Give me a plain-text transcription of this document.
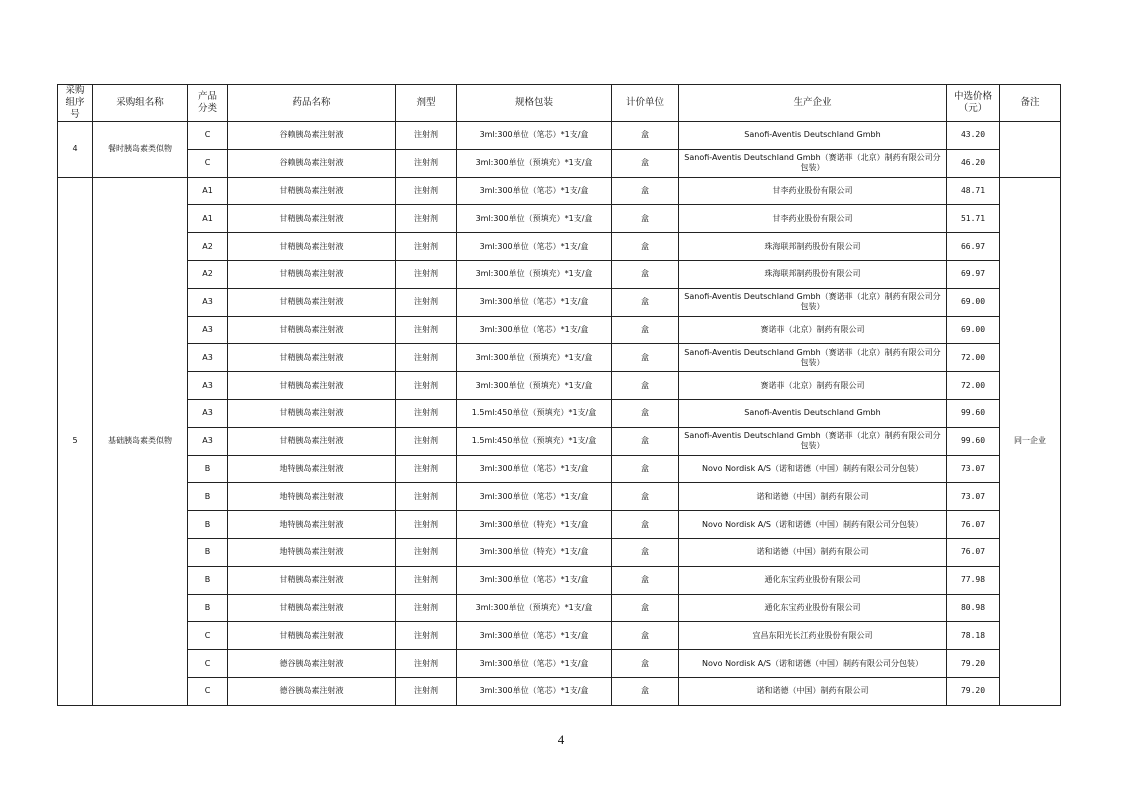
采购组序号	采购组名称	产品分类	药品名称	剂型	规格包装	计价单位	生产企业	中选价格（元）	备注
4	餐时胰岛素类似物	C	谷赖胰岛素注射液	注射剂	3ml:300单位（笔芯）*1支/盒	盒	Sanofi-Aventis Deutschland Gmbh	43.20	
		C	谷赖胰岛素注射液	注射剂	3ml:300单位（预填充）*1支/盒	盒	Sanofi-Aventis Deutschland Gmbh（赛诺菲（北京）制药有限公司分包装）	46.20	
5	基础胰岛素类似物	A1	甘精胰岛素注射液	注射剂	3ml:300单位（笔芯）*1支/盒	盒	甘李药业股份有限公司	48.71	同一企业
		A1	甘精胰岛素注射液	注射剂	3ml:300单位（预填充）*1支/盒	盒	甘李药业股份有限公司	51.71	
		A2	甘精胰岛素注射液	注射剂	3ml:300单位（笔芯）*1支/盒	盒	珠海联邦制药股份有限公司	66.97	
		A2	甘精胰岛素注射液	注射剂	3ml:300单位（预填充）*1支/盒	盒	珠海联邦制药股份有限公司	69.97	
		A3	甘精胰岛素注射液	注射剂	3ml:300单位（笔芯）*1支/盒	盒	Sanofi-Aventis Deutschland Gmbh（赛诺菲（北京）制药有限公司分包装）	69.00	
		A3	甘精胰岛素注射液	注射剂	3ml:300单位（笔芯）*1支/盒	盒	赛诺菲（北京）制药有限公司	69.00	
		A3	甘精胰岛素注射液	注射剂	3ml:300单位（预填充）*1支/盒	盒	Sanofi-Aventis Deutschland Gmbh（赛诺菲（北京）制药有限公司分包装）	72.00	
		A3	甘精胰岛素注射液	注射剂	3ml:300单位（预填充）*1支/盒	盒	赛诺菲（北京）制药有限公司	72.00	
		A3	甘精胰岛素注射液	注射剂	1.5ml:450单位（预填充）*1支/盒	盒	Sanofi-Aventis Deutschland Gmbh	99.60	
		A3	甘精胰岛素注射液	注射剂	1.5ml:450单位（预填充）*1支/盒	盒	Sanofi-Aventis Deutschland Gmbh（赛诺菲（北京）制药有限公司分包装）	99.60	
		B	地特胰岛素注射液	注射剂	3ml:300单位（笔芯）*1支/盒	盒	Novo Nordisk A/S（诺和诺德（中国）制药有限公司分包装）	73.07	
		B	地特胰岛素注射液	注射剂	3ml:300单位（笔芯）*1支/盒	盒	诺和诺德（中国）制药有限公司	73.07	
		B	地特胰岛素注射液	注射剂	3ml:300单位（特充）*1支/盒	盒	Novo Nordisk A/S（诺和诺德（中国）制药有限公司分包装）	76.07	
		B	地特胰岛素注射液	注射剂	3ml:300单位（特充）*1支/盒	盒	诺和诺德（中国）制药有限公司	76.07	
		B	甘精胰岛素注射液	注射剂	3ml:300单位（笔芯）*1支/盒	盒	通化东宝药业股份有限公司	77.98	
		B	甘精胰岛素注射液	注射剂	3ml:300单位（预填充）*1支/盒	盒	通化东宝药业股份有限公司	80.98	
		C	甘精胰岛素注射液	注射剂	3ml:300单位（笔芯）*1支/盒	盒	宜昌东阳光长江药业股份有限公司	78.18	
		C	德谷胰岛素注射液	注射剂	3ml:300单位（笔芯）*1支/盒	盒	Novo Nordisk A/S（诺和诺德（中国）制药有限公司分包装）	79.20	
		C	德谷胰岛素注射液	注射剂	3ml:300单位（笔芯）*1支/盒	盒	诺和诺德（中国）制药有限公司	79.20	
4
